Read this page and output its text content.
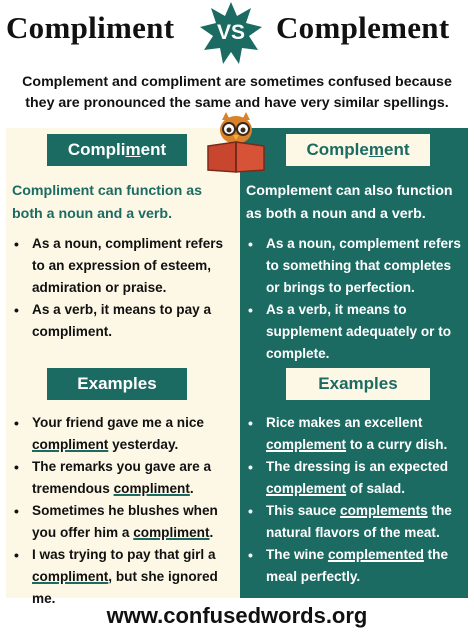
Compliment	VS	Complement
Complement and compliment are sometimes confused because they are pronounced the same and have very similar spellings.
Compliment	Complement
Compliment can function as both a noun and a verb.
Complement can also function as both a noun and a verb.
• As a noun, compliment refers to an expression of esteem, admiration or praise.
• As a verb, it means to pay a compliment.
• As a noun, complement refers to something that completes or brings to perfection.
• As a verb, it means to supplement adequately or to complete.
Examples	Examples
• Your friend gave me a nice compliment yesterday.
• The remarks you gave are a tremendous compliment.
• Sometimes he blushes when you offer him a compliment.
• I was trying to pay that girl a compliment, but she ignored me.
• Rice makes an excellent complement to a curry dish.
• The dressing is an expected complement of salad.
• This sauce complements the natural flavors of the meat.
• The wine complemented the meal perfectly.
www.confusedwords.org
